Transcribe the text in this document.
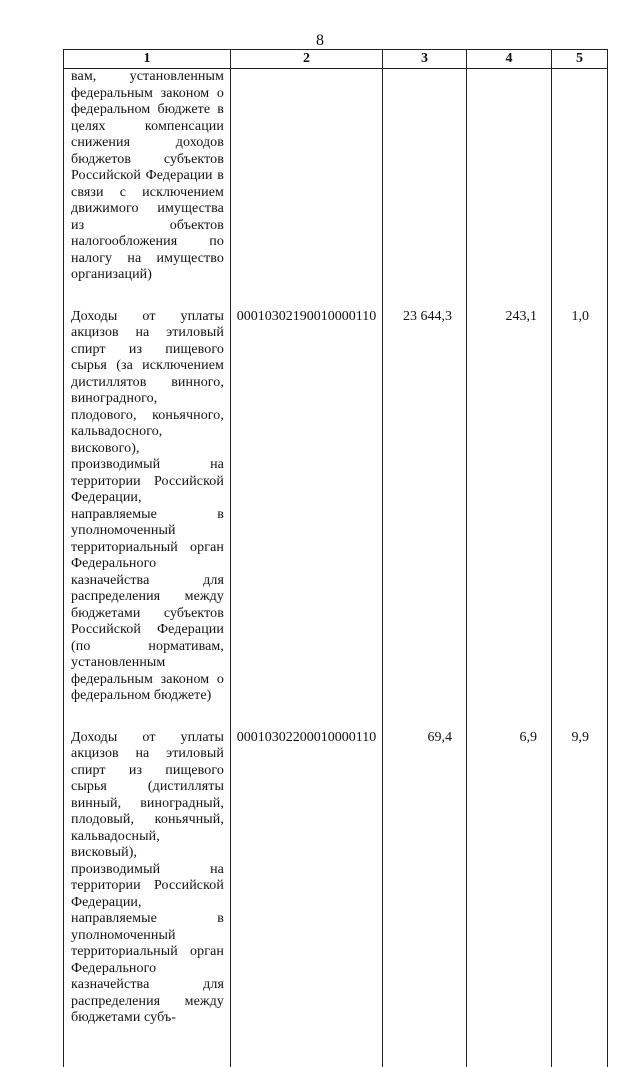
8
1	2	3	4	5
вам, установленным федеральным законом о федеральном бюджете в целях компенсации снижения доходов бюджетов субъектов Российской Федерации в связи с исключением движимого имущества из объектов налогообложения по налогу на имущество организаций)				
Доходы от уплаты акцизов на этиловый спирт из пищевого сырья (за исключением дистиллятов винного, виноградного, плодового, коньячного, кальвадосного, вискового), производимый на территории Российской Федерации, направляемые в уполномоченный территориальный орган Федерального казначейства для распределения между бюджетами субъектов Российской Федерации (по нормативам, установленным федеральным законом о федеральном бюджете)	00010302190010000110	23 644,3	243,1	1,0
Доходы от уплаты акцизов на этиловый спирт из пищевого сырья (дистилляты винный, виноградный, плодовый, коньячный, кальвадосный, висковый), производимый на территории Российской Федерации, направляемые в уполномоченный территориальный орган Федерального казначейства для распределения между бюджетами субъ-	00010302200010000110	69,4	6,9	9,9
